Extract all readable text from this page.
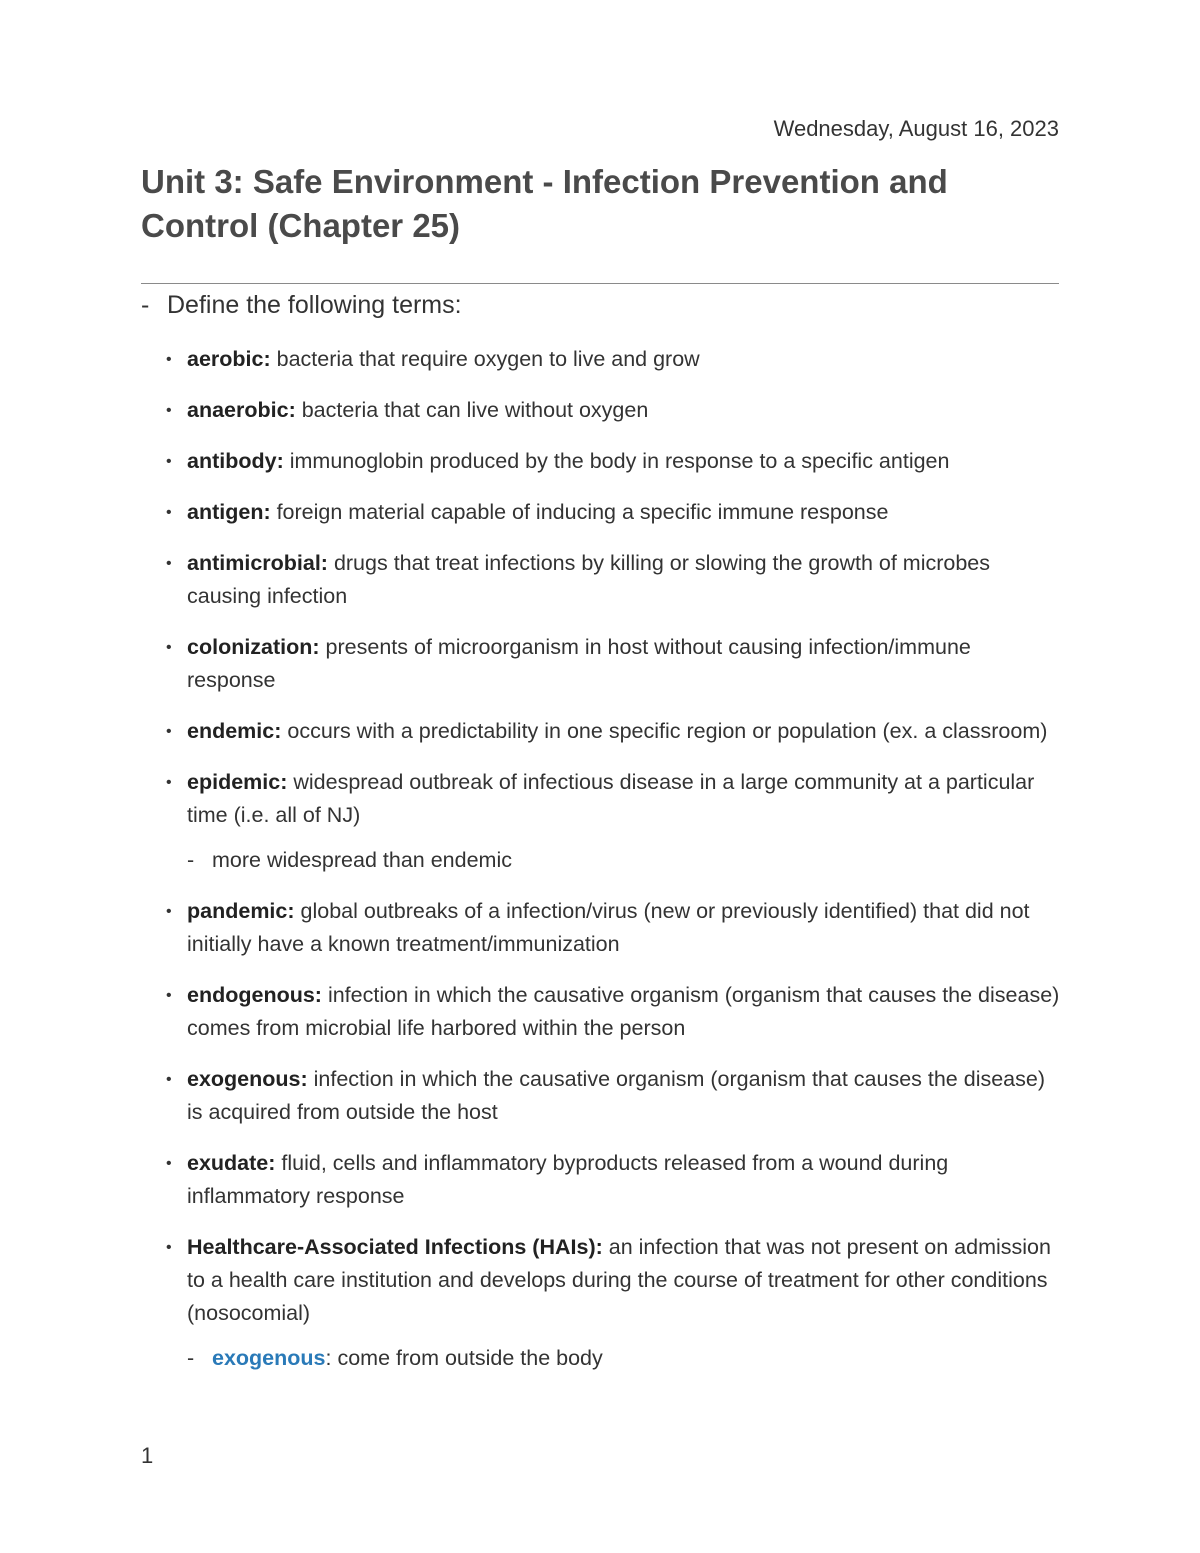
Wednesday, August 16, 2023
Unit 3: Safe Environment - Infection Prevention and Control (Chapter 25)
- Define the following terms:
• aerobic: bacteria that require oxygen to live and grow
• anaerobic: bacteria that can live without oxygen
• antibody: immunoglobin produced by the body in response to a specific antigen
• antigen: foreign material capable of inducing a specific immune response
• antimicrobial: drugs that treat infections by killing or slowing the growth of microbes causing infection
• colonization: presents of microorganism in host without causing infection/immune response
• endemic: occurs with a predictability in one specific region or population (ex. a classroom)
• epidemic: widespread outbreak of infectious disease in a large community at a particular time (i.e. all of NJ)
- more widespread than endemic
• pandemic: global outbreaks of a infection/virus (new or previously identified) that did not initially have a known treatment/immunization
• endogenous: infection in which the causative organism (organism that causes the disease) comes from microbial life harbored within the person
• exogenous: infection in which the causative organism (organism that causes the disease) is acquired from outside the host
• exudate: fluid, cells and inflammatory byproducts released from a wound during inflammatory response
• Healthcare-Associated Infections (HAIs): an infection that was not present on admission to a health care institution and develops during the course of treatment for other conditions (nosocomial)
- exogenous: come from outside the body
1
